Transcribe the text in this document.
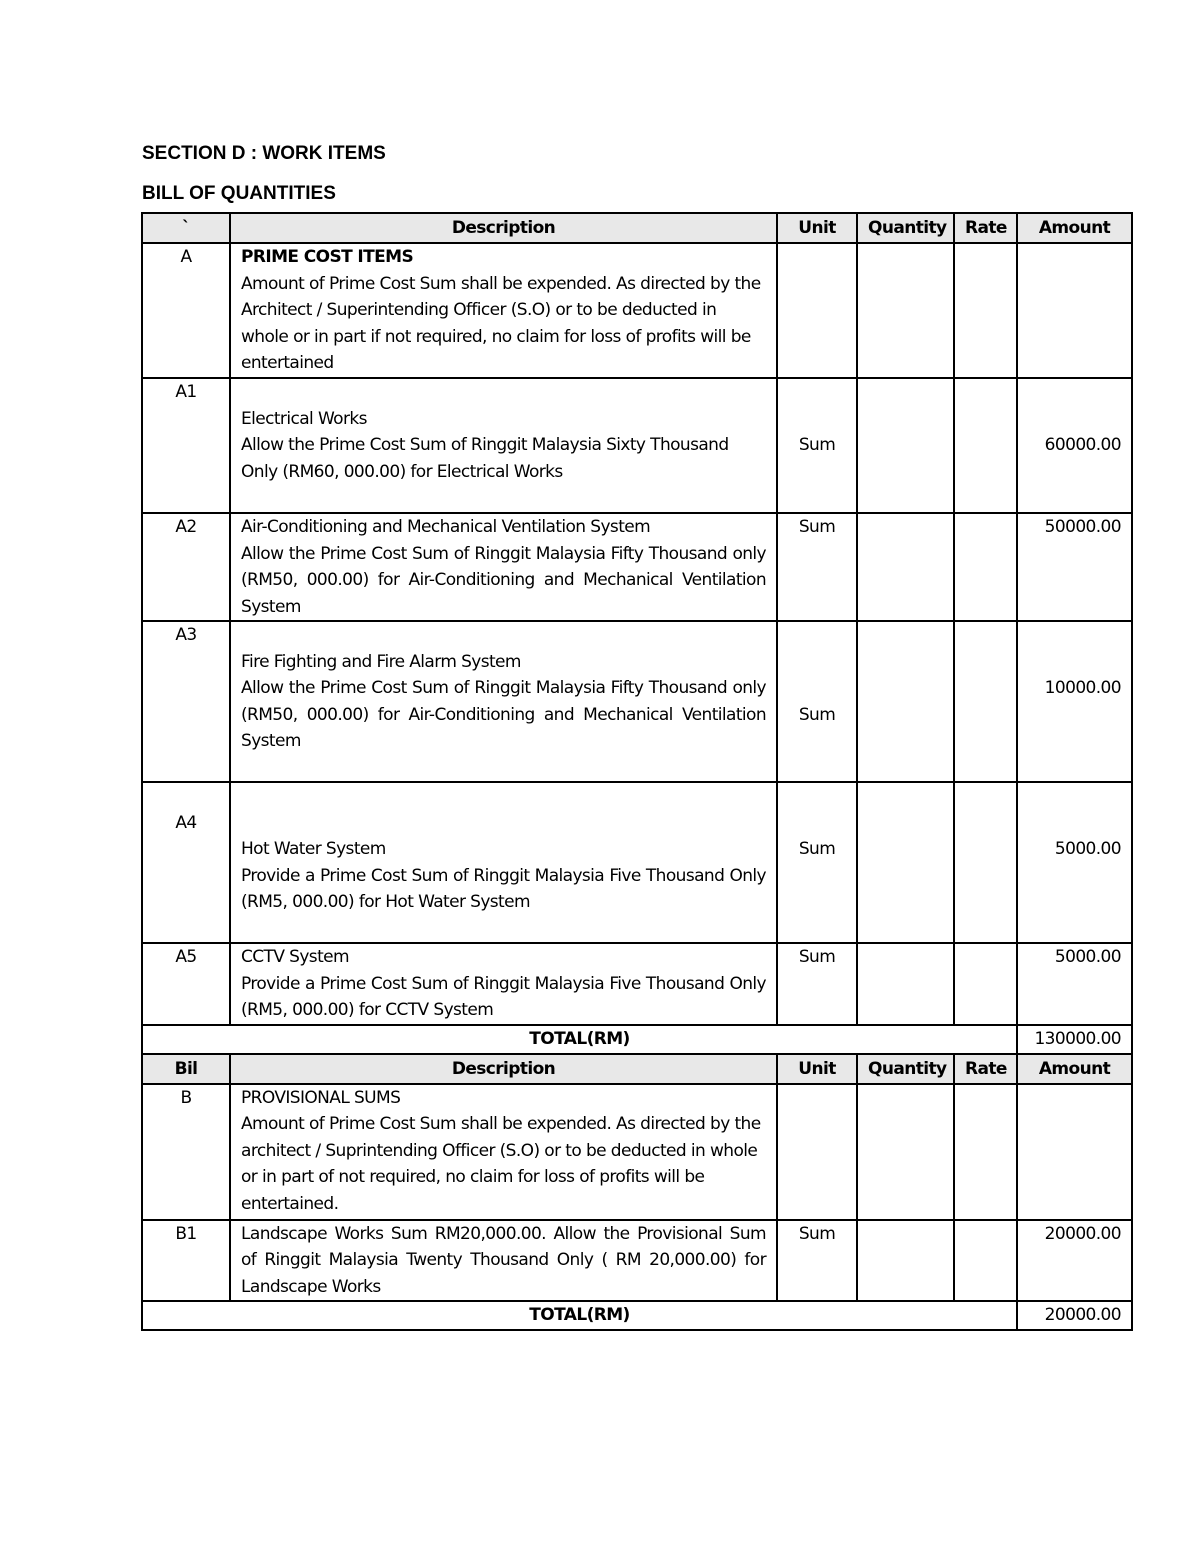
SECTION D : WORK ITEMS
BILL OF QUANTITIES
`	Description	Unit	Quantity	Rate	Amount
A	PRIME COST ITEMS
Amount of Prime Cost Sum shall be expended. As directed by the Architect / Superintending Officer (S.O) or to be deducted in whole or in part if not required, no claim for loss of profits will be entertained				

A1	Electrical Works
Allow the Prime Cost Sum of Ringgit Malaysia Sixty Thousand Only (RM60, 000.00) for Electrical Works	Sum			60000.00
A2	Air-Conditioning and Mechanical Ventilation System
Allow the Prime Cost Sum of Ringgit Malaysia Fifty Thousand only (RM50, 000.00) for Air-Conditioning and Mechanical Ventilation System	Sum			50000.00
A3	Fire Fighting and Fire Alarm System
Allow the Prime Cost Sum of Ringgit Malaysia Fifty Thousand only (RM50, 000.00) for Air-Conditioning and Mechanical Ventilation System	Sum			10000.00

A4	Hot Water System
Provide a Prime Cost Sum of Ringgit Malaysia Five Thousand Only (RM5, 000.00) for Hot Water System	Sum			5000.00
A5	CCTV System
Provide a Prime Cost Sum of Ringgit Malaysia Five Thousand Only (RM5, 000.00) for CCTV System	Sum			5000.00
TOTAL(RM)					130000.00
Bil	Description	Unit	Quantity	Rate	Amount
B	PROVISIONAL SUMS
Amount of Prime Cost Sum shall be expended. As directed by the architect / Suprintending Officer (S.O) or to be deducted in whole or in part of not required, no claim for loss of profits will be entertained.				

B1	Landscape Works Sum RM20,000.00. Allow the Provisional Sum of Ringgit Malaysia Twenty Thousand Only ( RM 20,000.00) for Landscape Works	Sum			20000.00
TOTAL(RM)					20000.00
